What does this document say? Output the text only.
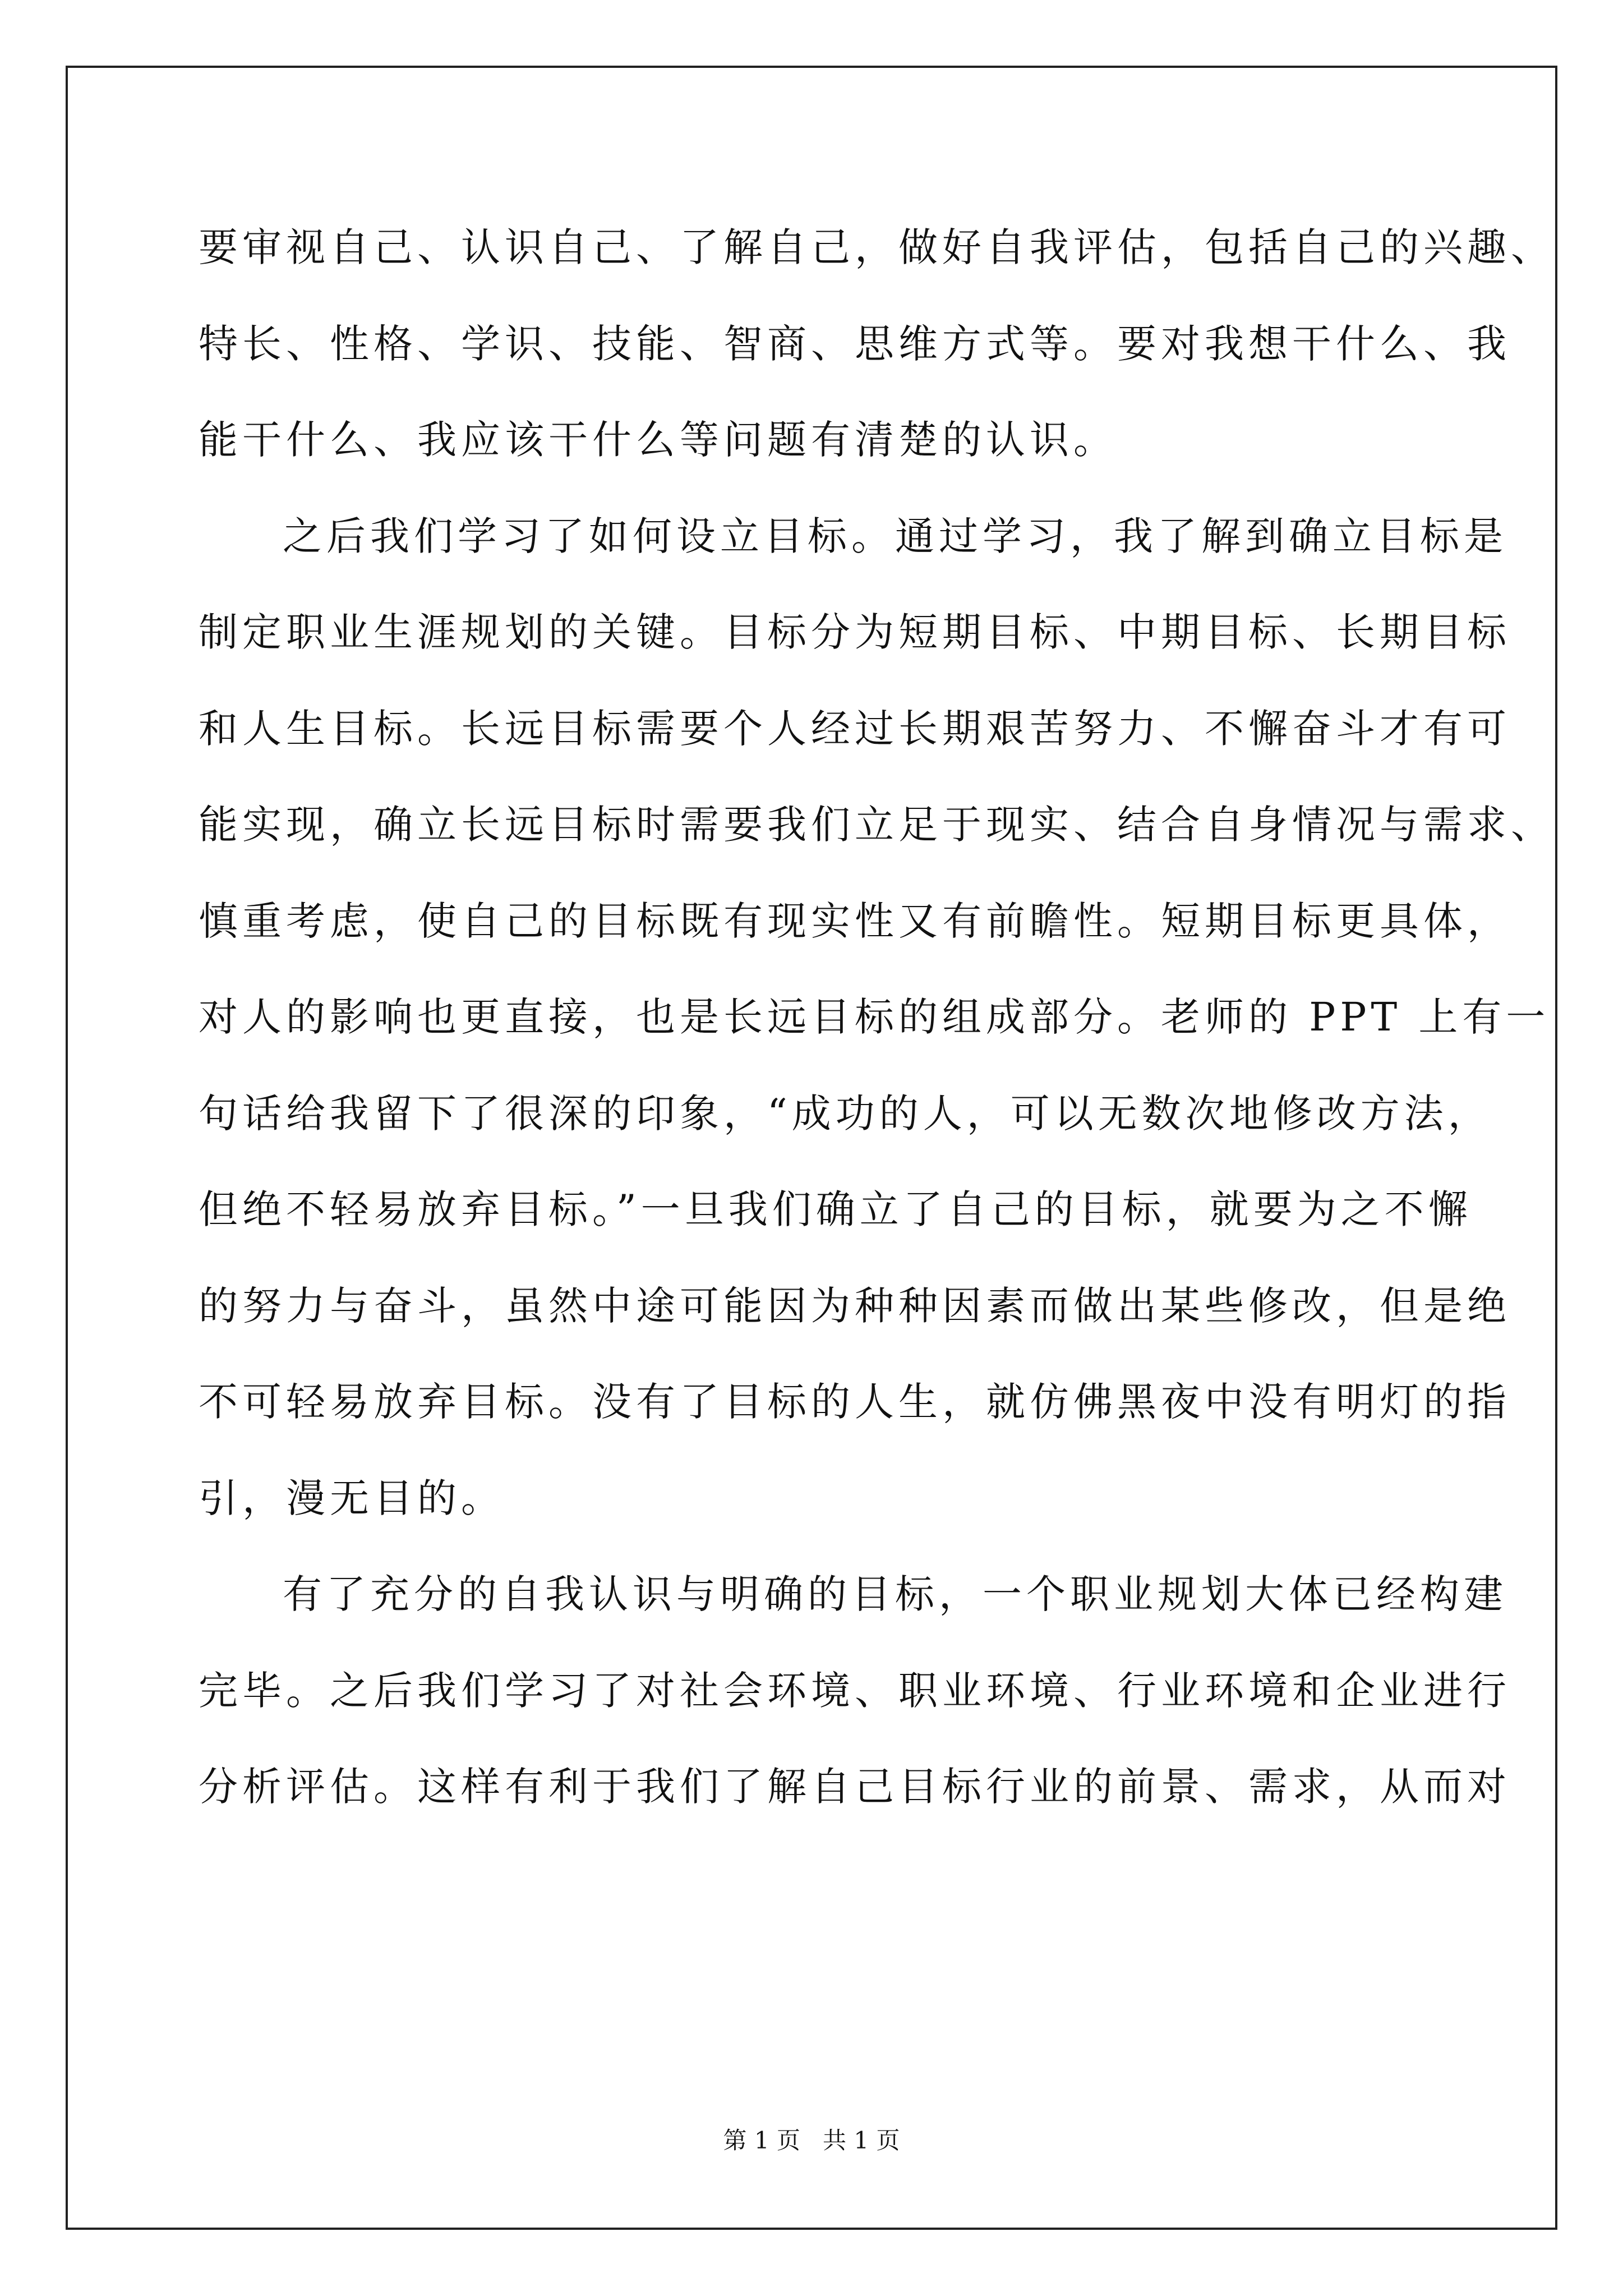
要审视自己、认识自己、了解自己，做好自我评估，包括自己的兴趣、
特长、性格、学识、技能、智商、思维方式等。要对我想干什么、我
能干什么、我应该干什么等问题有清楚的认识。
之后我们学习了如何设立目标。通过学习，我了解到确立目标是
制定职业生涯规划的关键。目标分为短期目标、中期目标、长期目标
和人生目标。长远目标需要个人经过长期艰苦努力、不懈奋斗才有可
能实现，确立长远目标时需要我们立足于现实、结合自身情况与需求、
慎重考虑，使自己的目标既有现实性又有前瞻性。短期目标更具体，
对人的影响也更直接，也是长远目标的组成部分。老师的 PPT 上有一
句话给我留下了很深的印象，“成功的人，可以无数次地修改方法，
但绝不轻易放弃目标。”一旦我们确立了自己的目标，就要为之不懈
的努力与奋斗，虽然中途可能因为种种因素而做出某些修改，但是绝
不可轻易放弃目标。没有了目标的人生，就仿佛黑夜中没有明灯的指
引，漫无目的。
有了充分的自我认识与明确的目标，一个职业规划大体已经构建
完毕。之后我们学习了对社会环境、职业环境、行业环境和企业进行
分析评估。这样有利于我们了解自己目标行业的前景、需求，从而对
第 1 页   共 1 页
